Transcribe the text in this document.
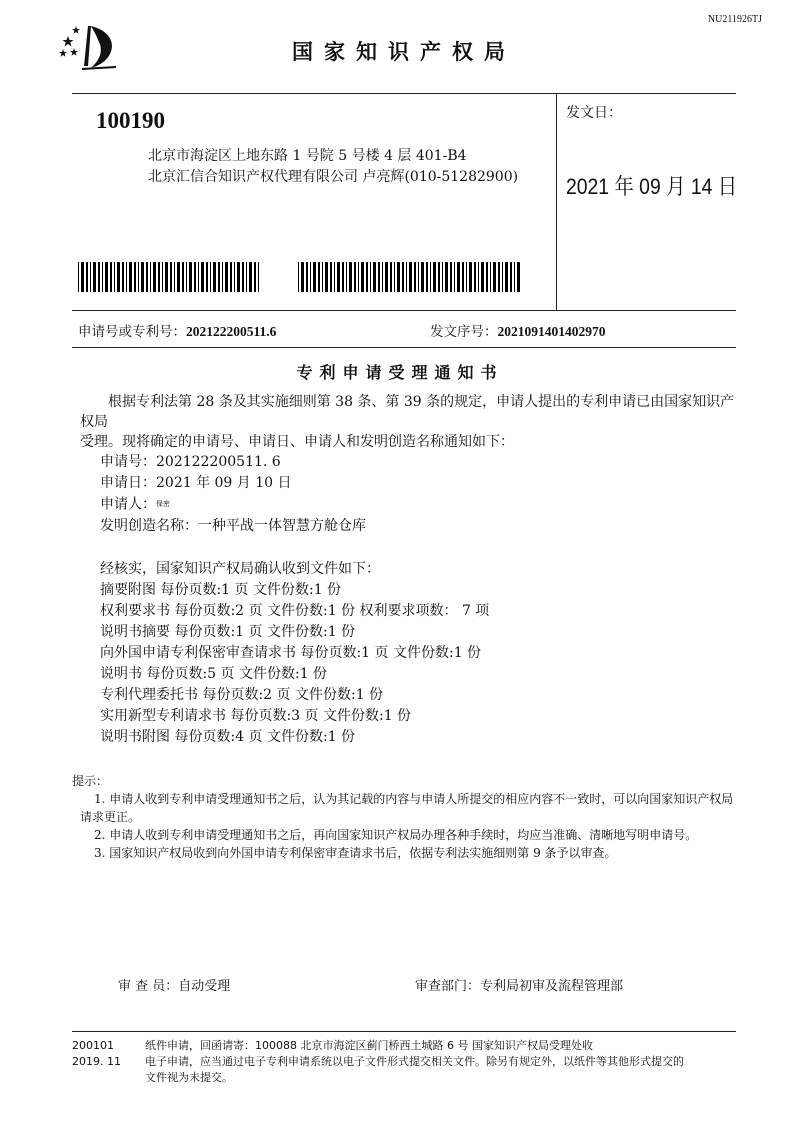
NU211926TJ
国家知识产权局
100190
北京市海淀区上地东路 1 号院 5 号楼 4 层 401-B4
北京汇信合知识产权代理有限公司 卢亮辉(010-51282900)
发文日：
2021 年 09 月 14 日
申请号或专利号：202122200511.6	发文序号：2021091401402970
专利申请受理通知书

根据专利法第 28 条及其实施细则第 38 条、第 39 条的规定，申请人提出的专利申请已由国家知识产权局

受理。现将确定的申请号、申请日、申请人和发明创造名称通知如下：

申请号：202122200511. 6
申请日：2021 年 09 月 10 日
申请人：保密
发明创造名称：一种平战一体智慧方舱仓库
经核实，国家知识产权局确认收到文件如下：
摘要附图 每份页数:1 页 文件份数:1 份
权利要求书 每份页数:2 页 文件份数:1 份 权利要求项数： 7 项
说明书摘要 每份页数:1 页 文件份数:1 份
向外国申请专利保密审查请求书 每份页数:1 页 文件份数:1 份
说明书 每份页数:5 页 文件份数:1 份
专利代理委托书 每份页数:2 页 文件份数:1 份
实用新型专利请求书 每份页数:3 页 文件份数:1 份
说明书附图 每份页数:4 页 文件份数:1 份

提示：

1. 申请人收到专利申请受理通知书之后，认为其记载的内容与申请人所提交的相应内容不一致时，可以向国家知识产权局

请求更正。

2. 申请人收到专利申请受理通知书之后，再向国家知识产权局办理各种手续时，均应当准确、清晰地写明申请号。

3. 国家知识产权局收到向外国申请专利保密审查请求书后，依据专利法实施细则第 9 条予以审查。

审 查 员：自动受理	审查部门：专利局初审及流程管理部
200101
2019. 11
纸件申请，回函请寄：100088 北京市海淀区蓟门桥西土城路 6 号 国家知识产权局受理处收
电子申请，应当通过电子专利申请系统以电子文件形式提交相关文件。除另有规定外，以纸件等其他形式提交的
文件视为未提交。
